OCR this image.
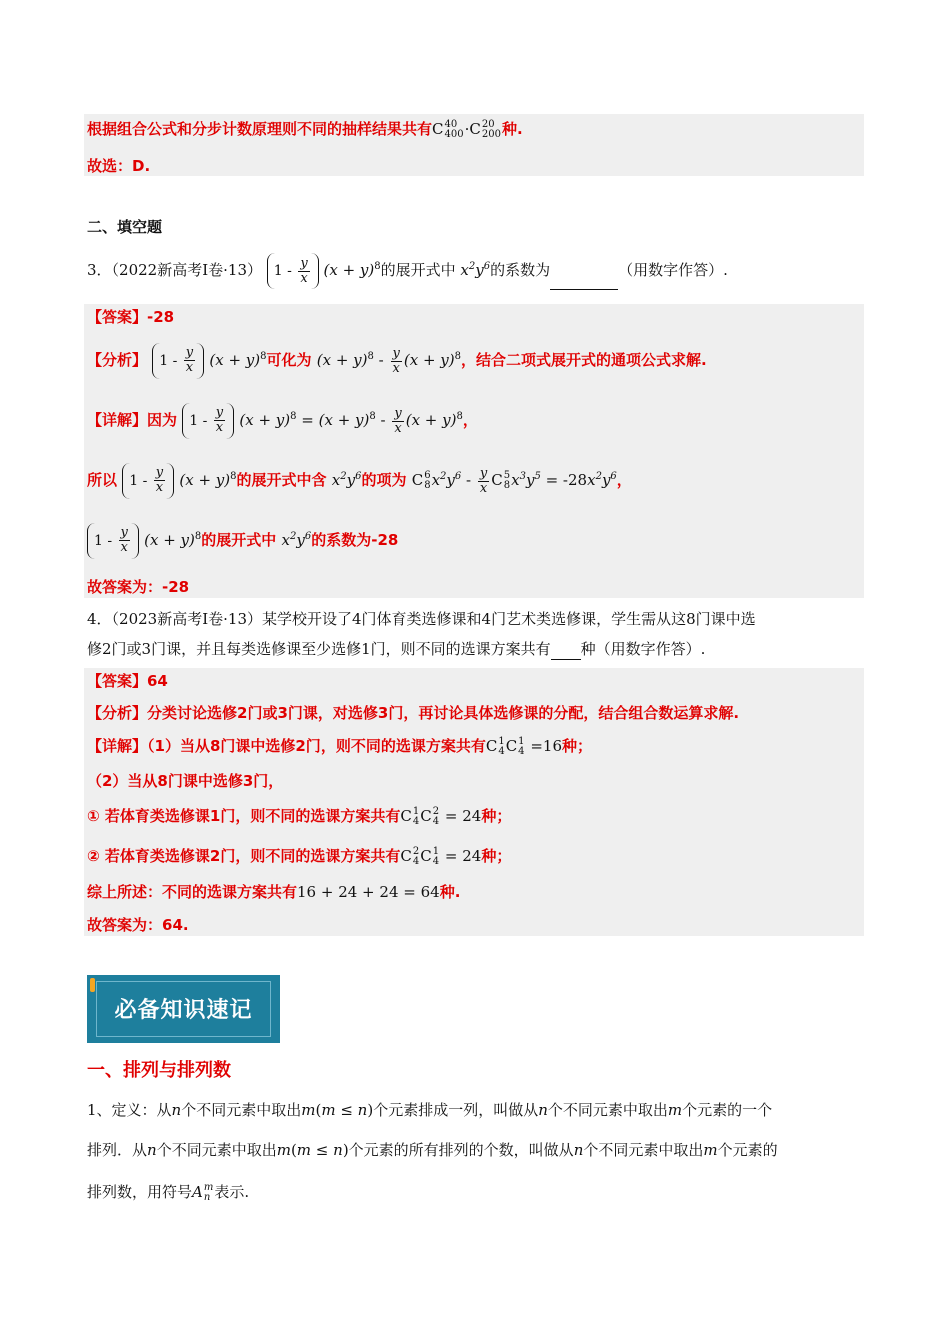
根据组合公式和分步计数原理则不同的抽样结果共有C 40
400 ·C 20
200 种.
故选：D.
二、填空题
3．（2022新高考Ⅰ卷·13） $1 - \frac{y}{x} (x + y)^8$的展开式中 $x^2y^6$的系数为	（用数字作答）.
【答案】-28
【分析】 $1 - \frac{y}{x} (x + y)^8$可化为 $(x + y)^8 - \frac{y}{x} (x + y)^8$，结合二项式展开式的通项公式求解.
【详解】因为 $1 - \frac{y}{x} (x + y)^8 = (x + y)^8 - \frac{y}{x} (x + y)^8$，
所以 $1 - \frac{y}{x} (x + y)^8$的展开式中含 $x^2y^6$的项为 C 6
8 $x^2y^6 - \frac{y}{x}$ C 5
8 $x^3y^5 = -28x^2y^6$，
$1 - \frac{y}{x} (x + y)^8$的展开式中 $x^2y^6$的系数为-28
故答案为：-28
4．（2023新高考Ⅰ卷·13）某学校开设了4门体育类选修课和4门艺术类选修课，学生需从这8门课中选
修2门或3门课，并且每类选修课至少选修1门，则不同的选课方案共有 种（用数字作答）.
【答案】64
【分析】分类讨论选修2门或3门课，对选修3门，再讨论具体选修课的分配，结合组合数运算求解.
【详解】（1）当从8门课中选修2门，则不同的选课方案共有C 1
4 C 1
4 =16种；
（2）当从8门课中选修3门，
① 若体育类选修课1门，则不同的选课方案共有C 1
4 C 2
4 = 24种；
② 若体育类选修课2门，则不同的选课方案共有C 2
4 C 1
4 = 24种；
综上所述：不同的选课方案共有16 + 24 + 24 = 64种.
故答案为：64.
必备知识速记
一、排列与排列数
1、定义：从n个不同元素中取出m(m ≤ n)个元素排成一列，叫做从n个不同元素中取出m个元素的一个
排列．从n个不同元素中取出m(m ≤ n)个元素的所有排列的个数，叫做从n个不同元素中取出m个元素的
排列数，用符号A m
n 表示.
